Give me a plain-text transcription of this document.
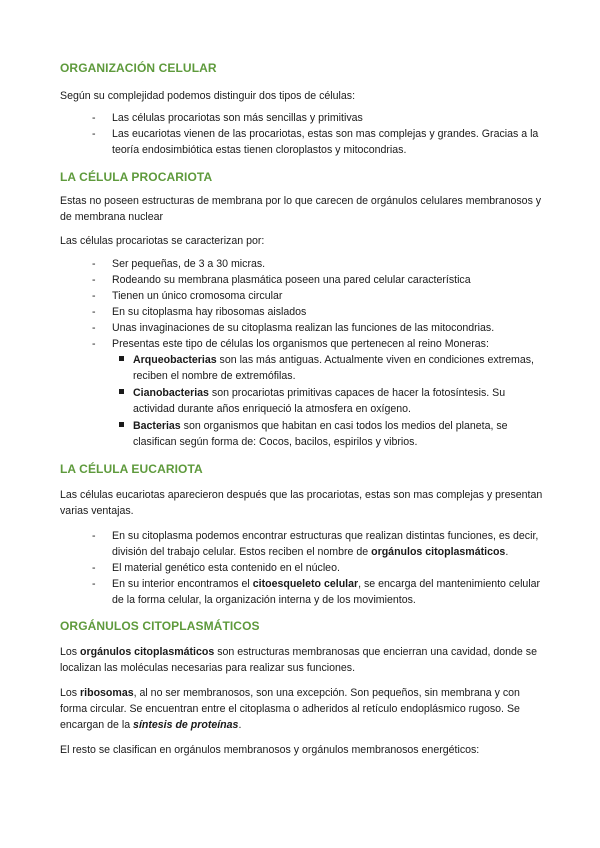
ORGANIZACIÓN CELULAR

Según su complejidad podemos distinguir dos tipos de células:

- Las células procariotas son más sencillas y primitivas
- Las eucariotas vienen de las procariotas, estas son mas complejas y grandes. Gracias a la teoría endosimbiótica estas tienen cloroplastos y mitocondrias.
LA CÉLULA PROCARIOTA

Estas no poseen estructuras de membrana por lo que carecen de orgánulos celulares membranosos y de membrana nuclear

Las células procariotas se caracterizan por:

- Ser pequeñas, de 3 a 30 micras.
- Rodeando su membrana plasmática poseen una pared celular característica
- Tienen un único cromosoma circular
- En su citoplasma hay ribosomas aislados
- Unas invaginaciones de su citoplasma realizan las funciones de las mitocondrias.
- Presentas este tipo de células los organismos que pertenecen al reino Moneras:
Arqueobacterias son las más antiguas. Actualmente viven en condiciones extremas, reciben el nombre de extremófilas.
Cianobacterias son procariotas primitivas capaces de hacer la fotosíntesis. Su actividad durante años enriqueció la atmosfera en oxígeno.
Bacterias son organismos que habitan en casi todos los medios del planeta, se clasifican según forma de: Cocos, bacilos, espirilos y vibrios.
LA CÉLULA EUCARIOTA

Las células eucariotas aparecieron después que las procariotas, estas son mas complejas y presentan varias ventajas.

- En su citoplasma podemos encontrar estructuras que realizan distintas funciones, es decir, división del trabajo celular. Estos reciben el nombre de orgánulos citoplasmáticos.
- El material genético esta contenido en el núcleo.
- En su interior encontramos el citoesqueleto celular, se encarga del mantenimiento celular de la forma celular, la organización interna y de los movimientos.
ORGÁNULOS CITOPLASMÁTICOS

Los orgánulos citoplasmáticos son estructuras membranosas que encierran una cavidad, donde se localizan las moléculas necesarias para realizar sus funciones.

Los ribosomas, al no ser membranosos, son una excepción. Son pequeños, sin membrana y con forma circular. Se encuentran entre el citoplasma o adheridos al retículo endoplásmico rugoso. Se encargan de la síntesis de proteínas.

El resto se clasifican en orgánulos membranosos y orgánulos membranosos energéticos:
